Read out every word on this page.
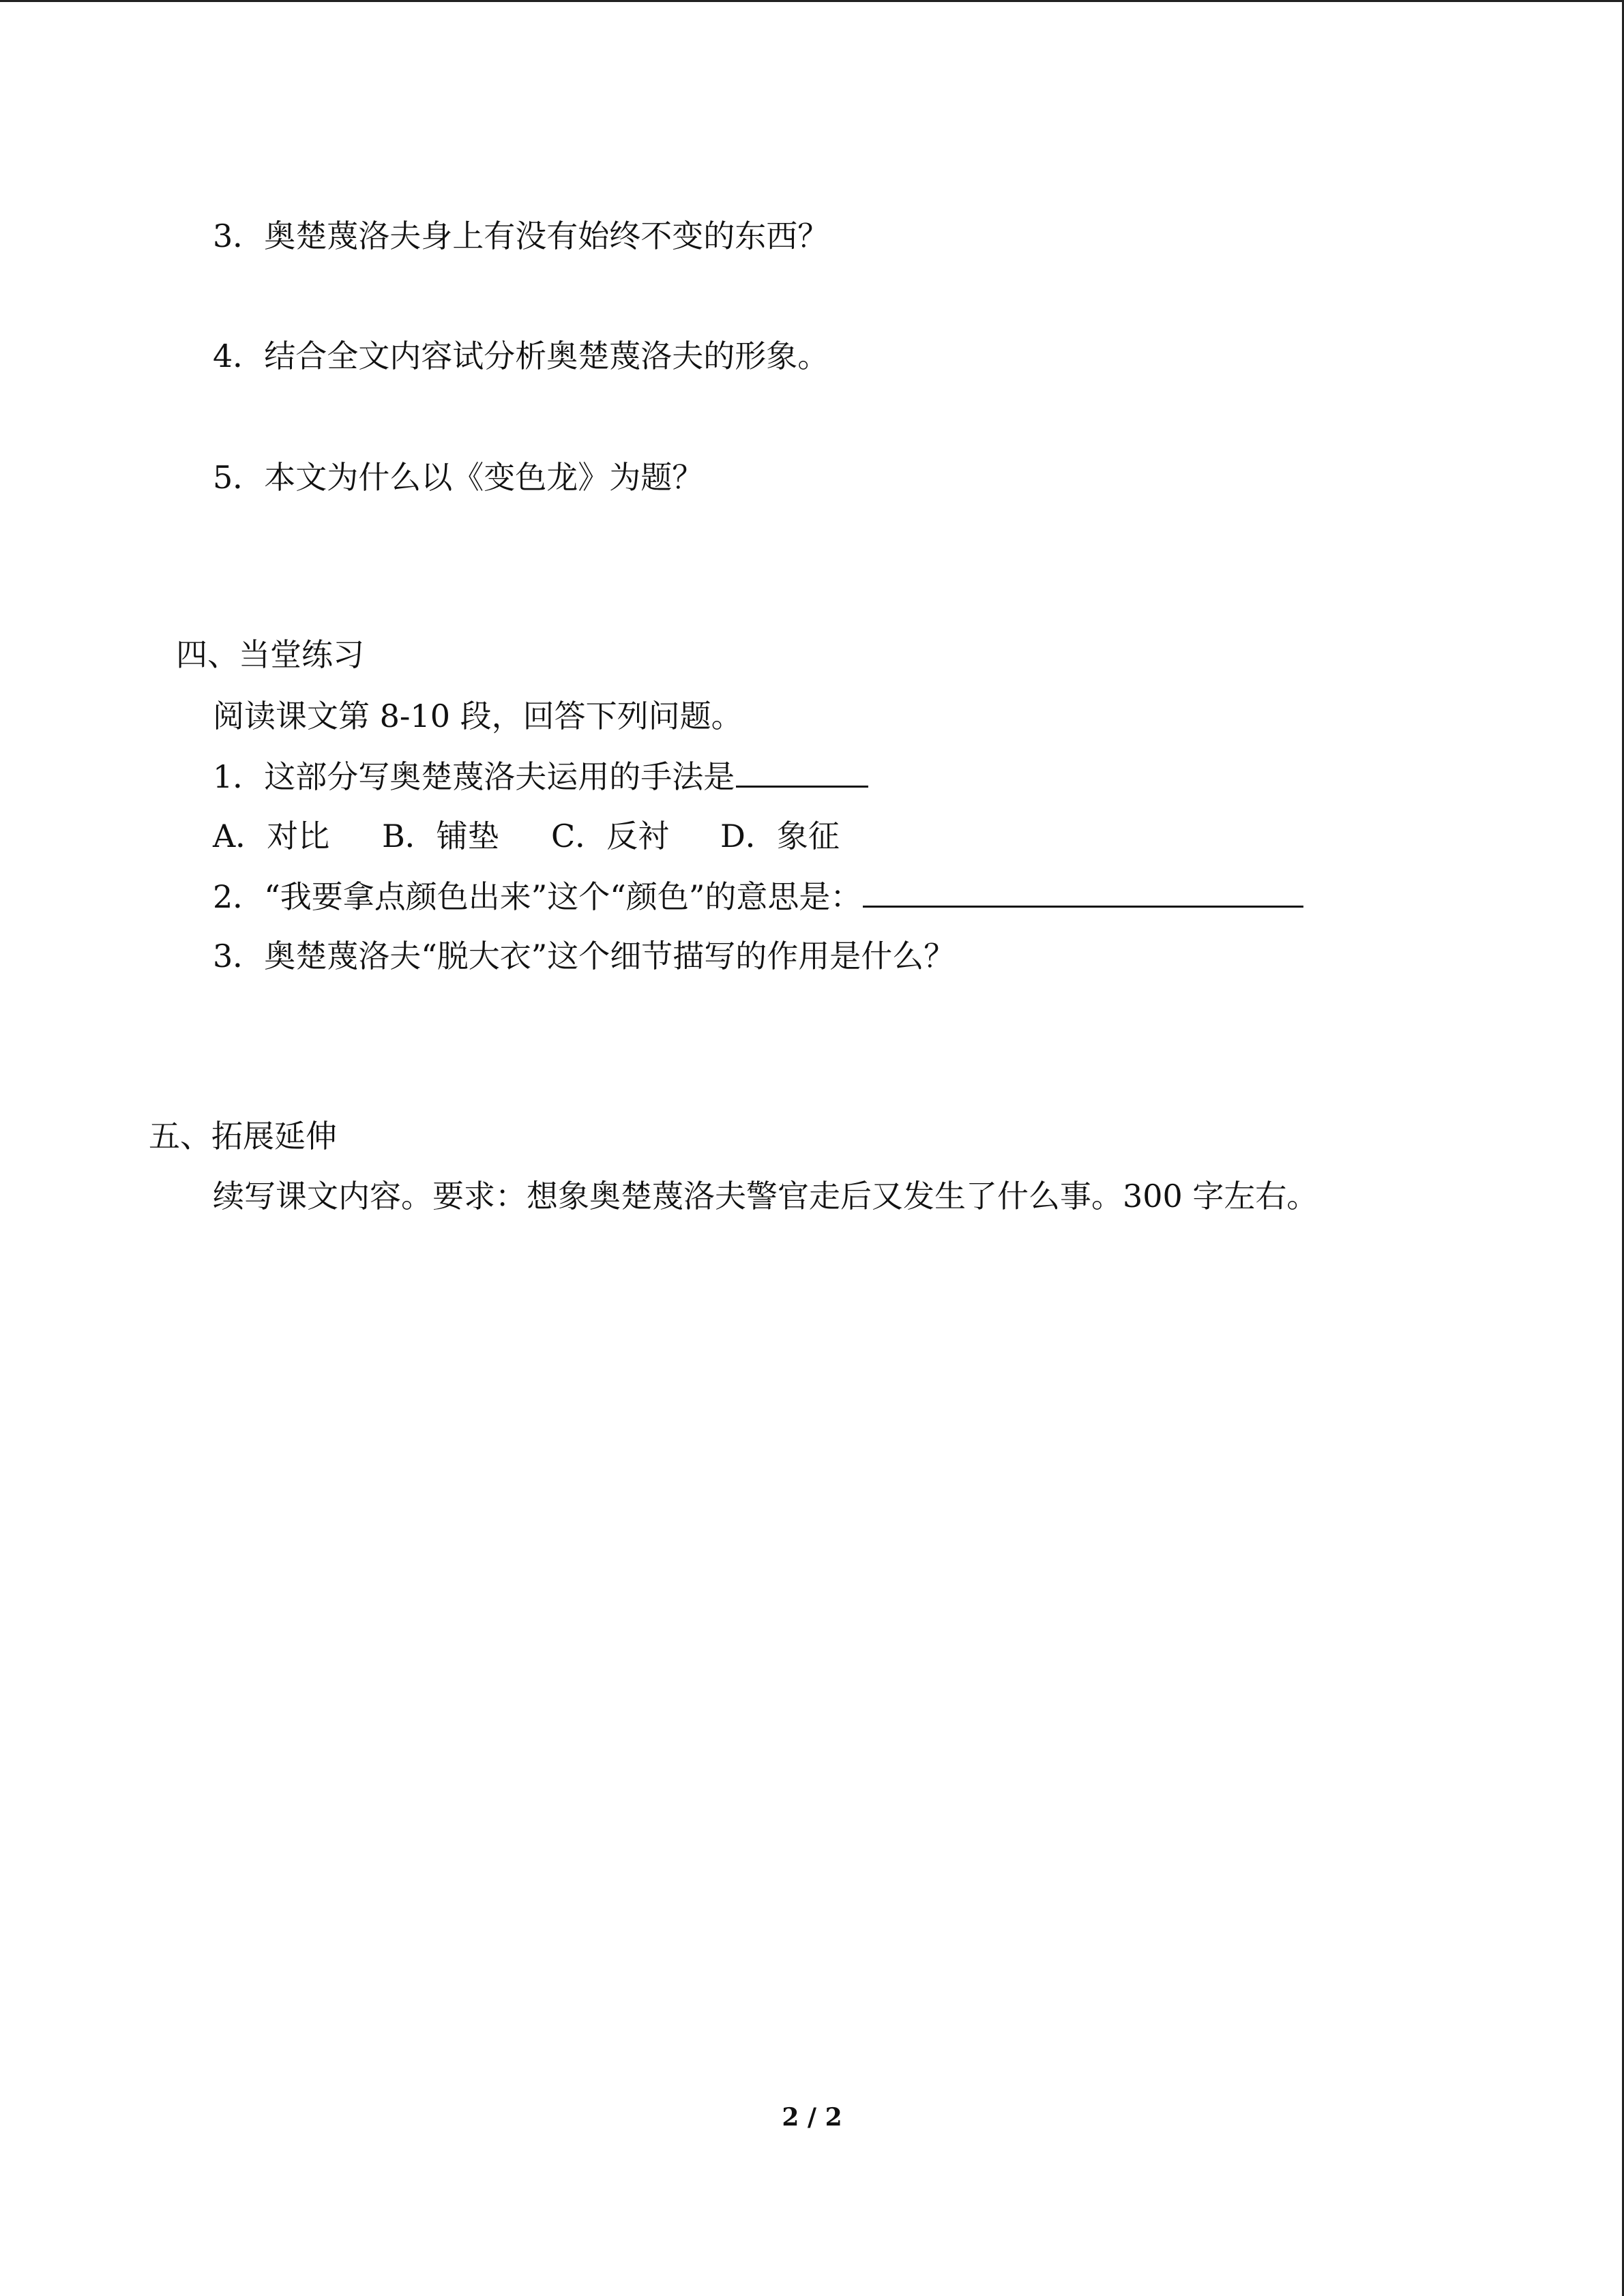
3．奥楚蔑洛夫身上有没有始终不变的东西？
4．结合全文内容试分析奥楚蔑洛夫的形象。
5．本文为什么以《变色龙》为题？
四、当堂练习
阅读课文第 8-10 段，回答下列问题。
1．这部分写奥楚蔑洛夫运用的手法是
A．对比 B．铺垫 C．反衬 D．象征
2．“我要拿点颜色出来”这个“颜色”的意思是：
3．奥楚蔑洛夫“脱大衣”这个细节描写的作用是什么？
五、拓展延伸
续写课文内容。要求：想象奥楚蔑洛夫警官走后又发生了什么事。300 字左右。
2 / 2
